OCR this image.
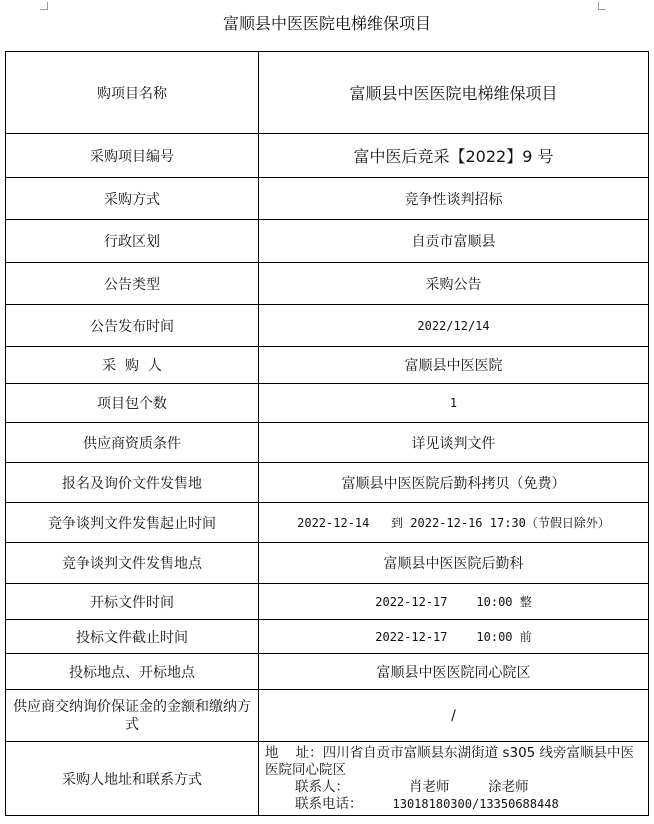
富顺县中医医院电梯维保项目
购项目名称	富顺县中医医院电梯维保项目
采购项目编号	富中医后竞采【2022】9 号
采购方式	竞争性谈判招标
行政区划	自贡市富顺县
公告类型	采购公告
公告发布时间	2022/12/14
采  购  人	富顺县中医医院
项目包个数	1
供应商资质条件	详见谈判文件
报名及询价文件发售地	富顺县中医医院后勤科拷贝（免费）
竞争谈判文件发售起止时间	2022-12-14   到 2022-12-16 17:30（节假日除外）
竞争谈判文件发售地点	富顺县中医医院后勤科
开标文件时间	2022-12-17    10:00 整
投标文件截止时间	2022-12-17    10:00 前
投标地点、开标地点	富顺县中医医院同心院区
供应商交纳询价保证金的金额和缴纳方式	/
采购人地址和联系方式	地    址：四川省自贡市富顺县东湖街道 s305 线旁富顺县中医医院同心院区
联系人： 肖老师         涂老师
联系电话： 13018180300/13350688448
